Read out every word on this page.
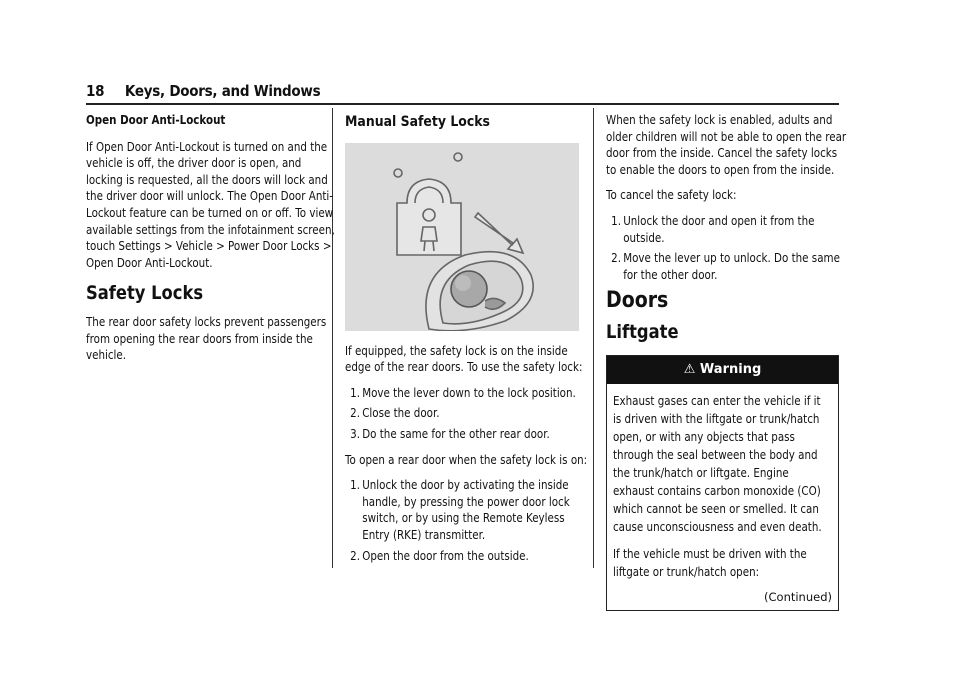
18 Keys, Doors, and Windows
Open Door Anti-Lockout

If Open Door Anti-Lockout is turned on and the vehicle is off, the driver door is open, and locking is requested, all the doors will lock and the driver door will unlock. The Open Door Anti-Lockout feature can be turned on or off. To view available settings from the infotainment screen, touch Settings > Vehicle > Power Door Locks > Open Door Anti-Lockout.

Safety Locks

The rear door safety locks prevent passengers from opening the rear doors from inside the vehicle.

Manual Safety Locks

If equipped, the safety lock is on the inside edge of the rear doors. To use the safety lock:

1. Move the lever down to the lock position.
2. Close the door.
3. Do the same for the other rear door.

To open a rear door when the safety lock is on:

1. Unlock the door by activating the inside handle, by pressing the power door lock switch, or by using the Remote Keyless Entry (RKE) transmitter.
2. Open the door from the outside.

When the safety lock is enabled, adults and older children will not be able to open the rear door from the inside. Cancel the safety locks to enable the doors to open from the inside.

To cancel the safety lock:

1. Unlock the door and open it from the outside.
2. Move the lever up to unlock. Do the same for the other door.
Doors
Liftgate
⚠ Warning

Exhaust gases can enter the vehicle if it is driven with the liftgate or trunk/hatch open, or with any objects that pass through the seal between the body and the trunk/hatch or liftgate. Engine exhaust contains carbon monoxide (CO) which cannot be seen or smelled. It can cause unconsciousness and even death.

If the vehicle must be driven with the liftgate or trunk/hatch open:

(Continued)
